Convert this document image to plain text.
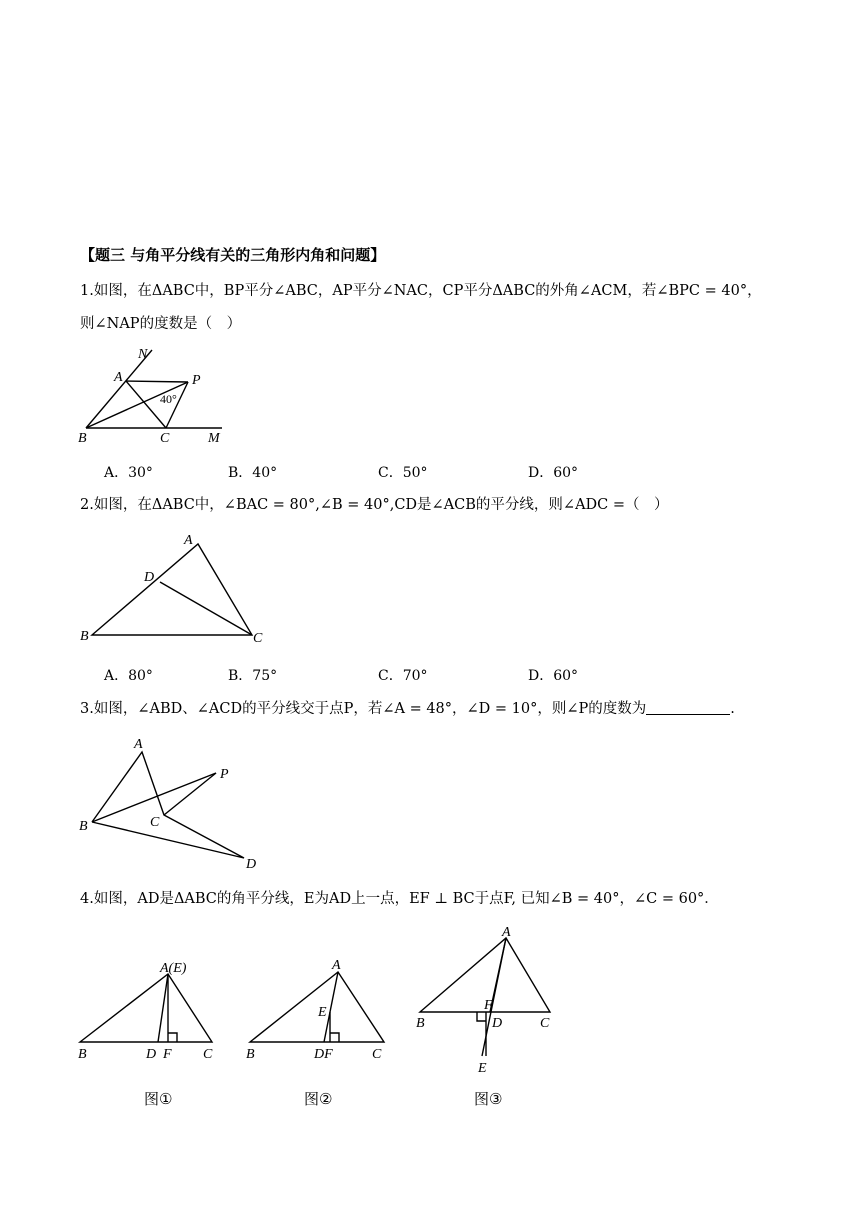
【题三 与角平分线有关的三角形内角和问题】
1.如图，在ΔABC中，BP平分∠ABC，AP平分∠NAC，CP平分ΔABC的外角∠ACM，若∠BPC = 40°，
则∠NAP的度数是（　）
N
A	P
B	C	M
40°
A．30°	B．40°	C．50°	D．60°
2.如图，在ΔABC中，∠BAC = 80°,∠B = 40°,CD是∠ACB的平分线，则∠ADC =（　）
A
D
B	C
A．80°	B．75°	C．70°	D．60°
3.如图，∠ABD、∠ACD的平分线交于点P，若∠A = 48°，∠D = 10°，则∠P的度数为	.
A
P
B	C
D
4.如图，AD是ΔABC的角平分线，E为AD上一点，EF ⊥ BC于点F, 已知∠B = 40°，∠C = 60°．
A(E)
B	D F C
图①
A
E
B	DF	C
图②
A
F
B	D	C
E
图③
